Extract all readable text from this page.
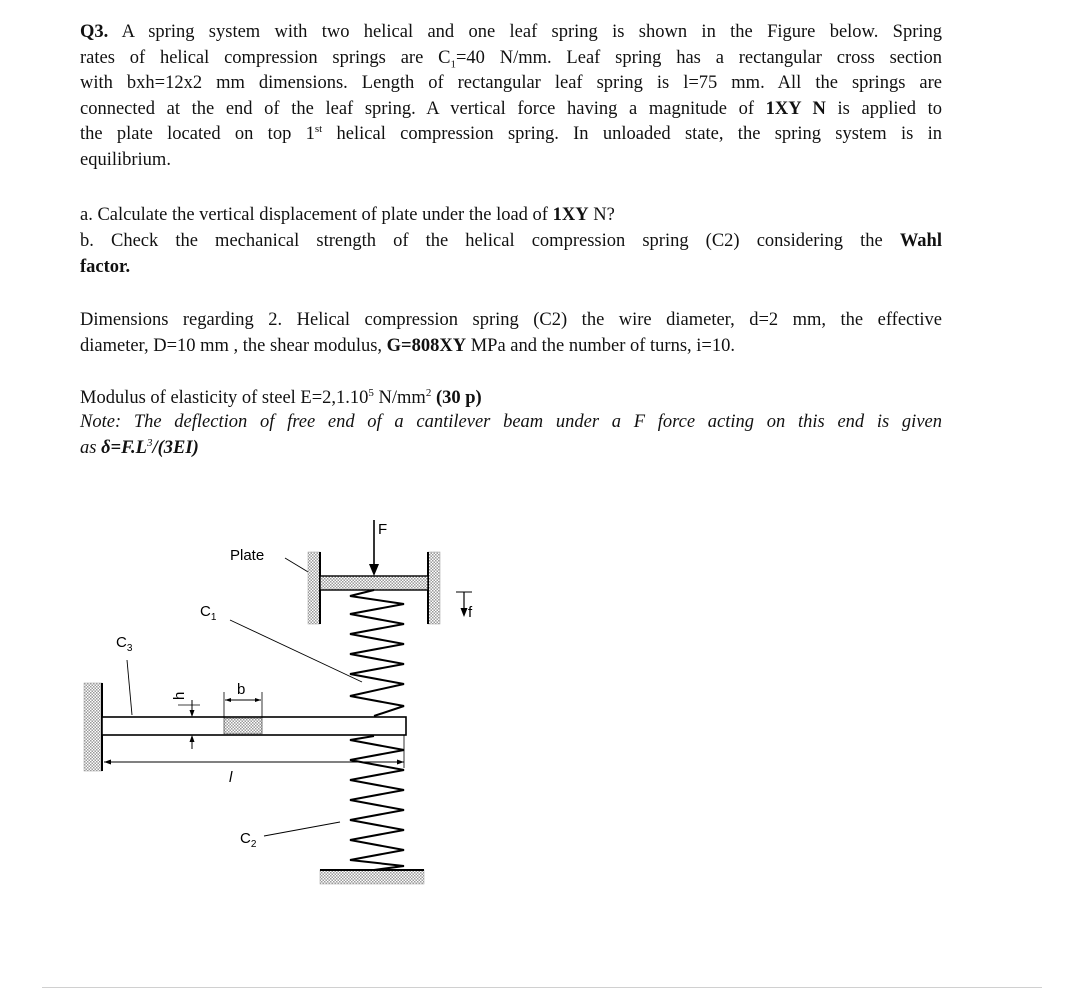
Q3. A spring system with two helical and one leaf spring is shown in the Figure below. Spring
rates of helical compression springs are $C_1=40$ N/mm. Leaf spring has a rectangular cross section
with bxh=12x2 mm dimensions. Length of rectangular leaf spring is l=75 mm. All the springs are
connected at the end of the leaf spring. A vertical force having a magnitude of 1XY N is applied to
the plate located on top 1st helical compression spring. In unloaded state, the spring system is in
equilibrium.
a. Calculate the vertical displacement of plate under the load of 1XY N?
b. Check the mechanical strength of the helical compression spring (C2) considering the Wahl
factor.
Dimensions regarding 2. Helical compression spring (C2) the wire diameter, d=2 mm, the effective
diameter, D=10 mm , the shear modulus, G=808XY MPa and the number of turns, i=10.
Modulus of elasticity of steel $E=2,1.10^5$ $N/mm^2$ (30 p)
Note: The deflection of free end of a cantilever beam under a F force acting on this end is given
as $\delta=F.L^3/(3EI)$
l
h	b
$C_3$
$C_1$
$C_2$
Plate
F
f
